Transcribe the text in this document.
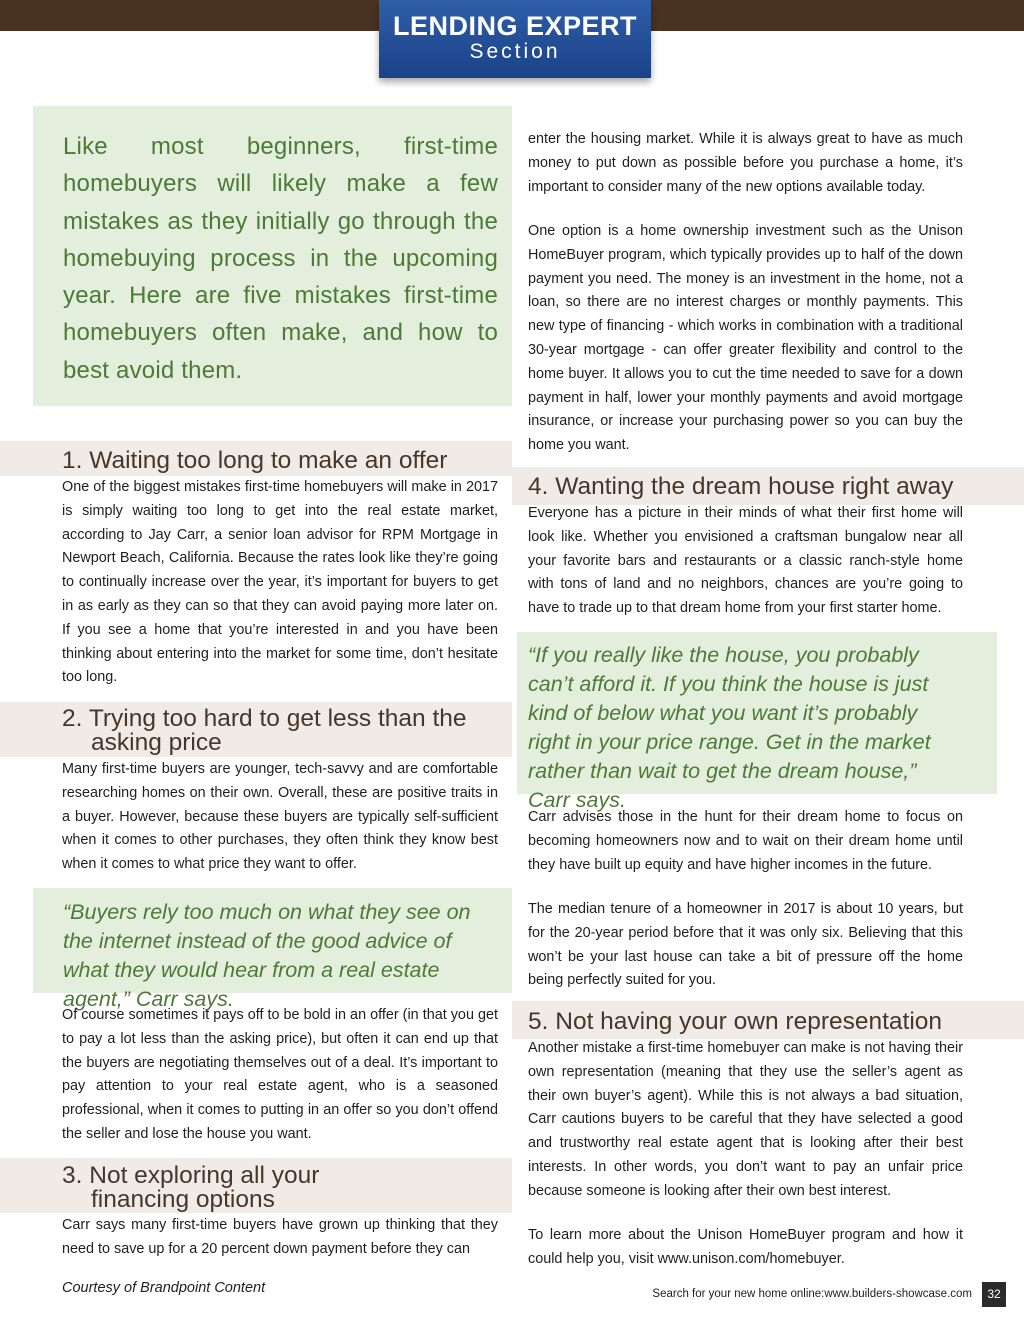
LENDING EXPERT
Section

Like most beginners, first-time homebuyers will likely make a few mistakes as they initially go through the homebuying process in the upcoming year. Here are five mistakes first-time homebuyers often make, and how to best avoid them.

1. Waiting too long to make an offer

One of the biggest mistakes first-time homebuyers will make in 2017 is simply waiting too long to get into the real estate market, according to Jay Carr, a senior loan advisor for RPM Mortgage in Newport Beach, California. Because the rates look like they’re going to continually increase over the year, it’s important for buyers to get in as early as they can so that they can avoid paying more later on. If you see a home that you’re interested in and you have been thinking about entering into the market for some time, don’t hesitate too long.

2. Trying too hard to get less than the
asking price

Many first-time buyers are younger, tech-savvy and are comfortable researching homes on their own. Overall, these are positive traits in a buyer. However, because these buyers are typically self-sufficient when it comes to other purchases, they often think they know best when it comes to what price they want to offer.

“Buyers rely too much on what they see on the internet instead of the good advice of what they would hear from a real estate agent,” Carr says.

Of course sometimes it pays off to be bold in an offer (in that you get to pay a lot less than the asking price), but often it can end up that the buyers are negotiating themselves out of a deal. It’s important to pay attention to your real estate agent, who is a seasoned professional, when it comes to putting in an offer so you don’t offend the seller and lose the house you want.

3. Not exploring all your
financing options

Carr says many first-time buyers have grown up thinking that they need to save up for a 20 percent down payment before they can

enter the housing market. While it is always great to have as much money to put down as possible before you purchase a home, it’s important to consider many of the new options available today.

One option is a home ownership investment such as the Unison HomeBuyer program, which typically provides up to half of the down payment you need. The money is an investment in the home, not a loan, so there are no interest charges or monthly payments. This new type of financing - which works in combination with a traditional 30-year mortgage - can offer greater flexibility and control to the home buyer. It allows you to cut the time needed to save for a down payment in half, lower your monthly payments and avoid mortgage insurance, or increase your purchasing power so you can buy the home you want.

4. Wanting the dream house right away

Everyone has a picture in their minds of what their first home will look like. Whether you envisioned a craftsman bungalow near all your favorite bars and restaurants or a classic ranch-style home with tons of land and no neighbors, chances are you’re going to have to trade up to that dream home from your first starter home.

“If you really like the house, you probably can’t afford it. If you think the house is just kind of below what you want it’s probably right in your price range. Get in the market rather than wait to get the dream house,” Carr says.

Carr advises those in the hunt for their dream home to focus on becoming homeowners now and to wait on their dream home until they have built up equity and have higher incomes in the future.

The median tenure of a homeowner in 2017 is about 10 years, but for the 20-year period before that it was only six. Believing that this won’t be your last house can take a bit of pressure off the home being perfectly suited for you.

5. Not having your own representation

Another mistake a first-time homebuyer can make is not having their own representation (meaning that they use the seller’s agent as their own buyer’s agent). While this is not always a bad situation, Carr cautions buyers to be careful that they have selected a good and trustworthy real estate agent that is looking after their best interests. In other words, you don’t want to pay an unfair price because someone is looking after their own best interest.

To learn more about the Unison HomeBuyer program and how it could help you, visit www.unison.com/homebuyer.

Courtesy of Brandpoint Content	Search for your new home online:www.builders-showcase.com	32
